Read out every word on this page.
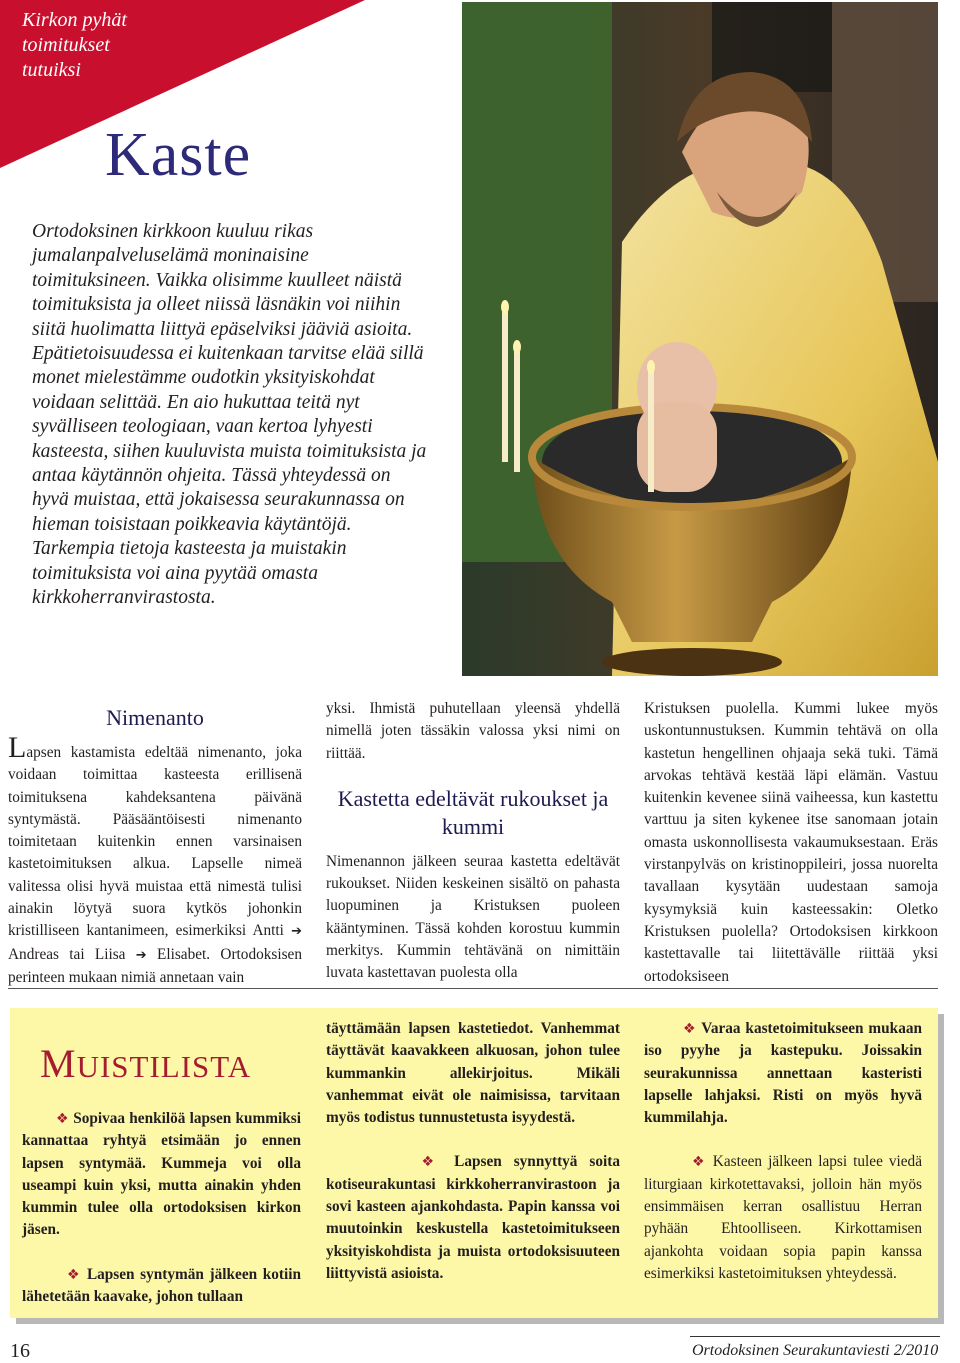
Kirkon pyhät
toimitukset
tutuiksi
Kaste

Ortodoksinen kirkkoon kuuluu rikas jumalanpalveluselämä moninaisine toimituksineen. Vaikka olisimme kuulleet näistä toimituksista ja olleet niissä läsnäkin voi niihin siitä huolimatta liittyä epäselviksi jääviä asioita. Epätietoisuudessa ei kuitenkaan tarvitse elää sillä monet mielestämme oudotkin yksityiskohdat voidaan selittää. En aio hukuttaa teitä nyt syvälliseen teologiaan, vaan kertoa lyhyesti kasteesta, siihen kuuluvista muista toimituksista ja antaa käytännön ohjeita. Tässä yhteydessä on hyvä muistaa, että jokaisessa seurakunnassa on hieman toisistaan poikkeavia käytäntöjä. Tarkempia tietoja kasteesta ja muistakin toimituksista voi aina pyytää omasta kirkkoherranvirastosta.

Nimenanto

Lapsen kastamista edeltää nimenanto, joka voidaan toimittaa kasteesta erillisenä toimituksena kahdeksantena päivänä syntymästä. Pääsääntöisesti nimenanto toimitetaan kuitenkin ennen varsinaisen kastetoimituksen alkua. Lapselle nimeä valitessa olisi hyvä muistaa että nimestä tulisi ainakin löytyä suora kytkös johonkin kristilliseen kantanimeen, esimerkiksi Antti ➔ Andreas tai Liisa ➔ Elisabet. Ortodoksisen perinteen mukaan nimiä annetaan vain

yksi. Ihmistä puhutellaan yleensä yhdellä nimellä joten tässäkin valossa yksi nimi on riittää.

Kastetta edeltävät rukoukset ja kummi

Nimenannon jälkeen seuraa kastetta edeltävät rukoukset. Niiden keskeinen sisältö on pahasta luopuminen ja Kristuksen puoleen kääntyminen. Tässä kohden korostuu kummin merkitys. Kummin tehtävänä on nimittäin luvata kastettavan puolesta olla

Kristuksen puolella. Kummi lukee myös uskontunnustuksen. Kummin tehtävä on olla kastetun hengellinen ohjaaja sekä tuki. Tämä arvokas tehtävä kestää läpi elämän. Vastuu kuitenkin kevenee siinä vaiheessa, kun kastettu varttuu ja siten kykenee itse sanomaan jotain omasta uskonnollisesta vakaumuksestaan. Eräs virstanpylväs on kristinoppileiri, jossa nuorelta tavallaan kysytään uudestaan samoja kysymyksiä kuin kasteessakin: Oletko Kristuksen puolella? Ortodoksisen kirkkoon kastettavalle tai liitettävälle riittää yksi ortodoksiseen

MUISTILISTA

❖ Sopivaa henkilöä lapsen kummiksi kannattaa ryhtyä etsimään jo ennen lapsen syntymää. Kummeja voi olla useampi kuin yksi, mutta ainakin yhden kummin tulee olla ortodoksisen kirkon jäsen.

❖ Lapsen syntymän jälkeen kotiin lähetetään kaavake, johon tullaan

täyttämään lapsen kastetiedot. Vanhemmat täyttävät kaavakkeen alkuosan, johon tulee kummankin allekirjoitus. Mikäli vanhemmat eivät ole naimisissa, tarvitaan myös todistus tunnustetusta isyydestä.

❖ Lapsen synnyttyä soita kotiseurakuntasi kirkkoherranvirastoon ja sovi kasteen ajankohdasta. Papin kanssa voi muutoinkin keskustella kastetoimitukseen yksityiskohdista ja muista ortodoksisuuteen liittyvistä asioista.

❖ Varaa kastetoimitukseen mukaan iso pyyhe ja kastepuku. Joissakin seurakunnissa annettaan kasteristi lapselle lahjaksi. Risti on myös hyvä kummilahja.

❖ Kasteen jälkeen lapsi tulee viedä liturgiaan kirkotettavaksi, jolloin hän myös ensimmäisen kerran osallistuu Herran pyhään Ehtoolliseen. Kirkottamisen ajankohta voidaan sopia papin kanssa esimerkiksi kastetoimituksen yhteydessä.

16	Ortodoksinen Seurakuntaviesti 2/2010
